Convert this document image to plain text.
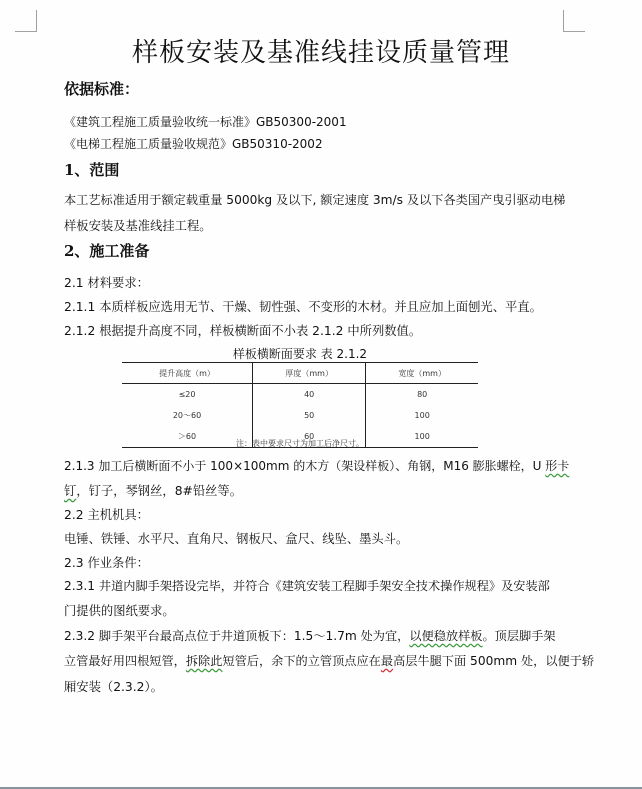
样板安装及基准线挂设质量管理
依据标准：
《建筑工程施工质量验收统一标准》GB50300-2001
《电梯工程施工质量验收规范》GB50310-2002
1、范围
本工艺标准适用于额定载重量 5000kg 及以下, 额定速度 3m/s 及以下各类国产曳引驱动电梯
样板安装及基准线挂工程。
2、施工准备
2.1 材料要求：
2.1.1 本质样板应选用无节、干燥、韧性强、不变形的木材。并且应加上面刨光、平直。
2.1.2 根据提升高度不同，样板横断面不小表 2.1.2 中所列数值。
样板横断面要求 表 2.1.2
提升高度（m）	厚度（mm）	宽度（mm）
≤20	40	80
20～60	50	100
＞60	60	100
注：表中要求尺寸为加工后净尺寸。
2.1.3 加工后横断面不小于 100×100mm 的木方（架设样板）、角钢，M16 膨胀螺栓，U 形卡
钉，钉子，琴钢丝，8#铅丝等。
2.2 主机机具：
电锤、铁锤、水平尺、直角尺、钢板尺、盒尺、线坠、墨头斗。
2.3 作业条件：
2.3.1 井道内脚手架搭设完毕，并符合《建筑安装工程脚手架安全技术操作规程》及安装部
门提供的图纸要求。
2.3.2 脚手架平台最高点位于井道顶板下：1.5～1.7m 处为宜，以便稳放样板。顶层脚手架
立管最好用四根短管，拆除此短管后，余下的立管顶点应在最高层牛腿下面 500mm 处，以便于轿
厢安装（2.3.2）。
